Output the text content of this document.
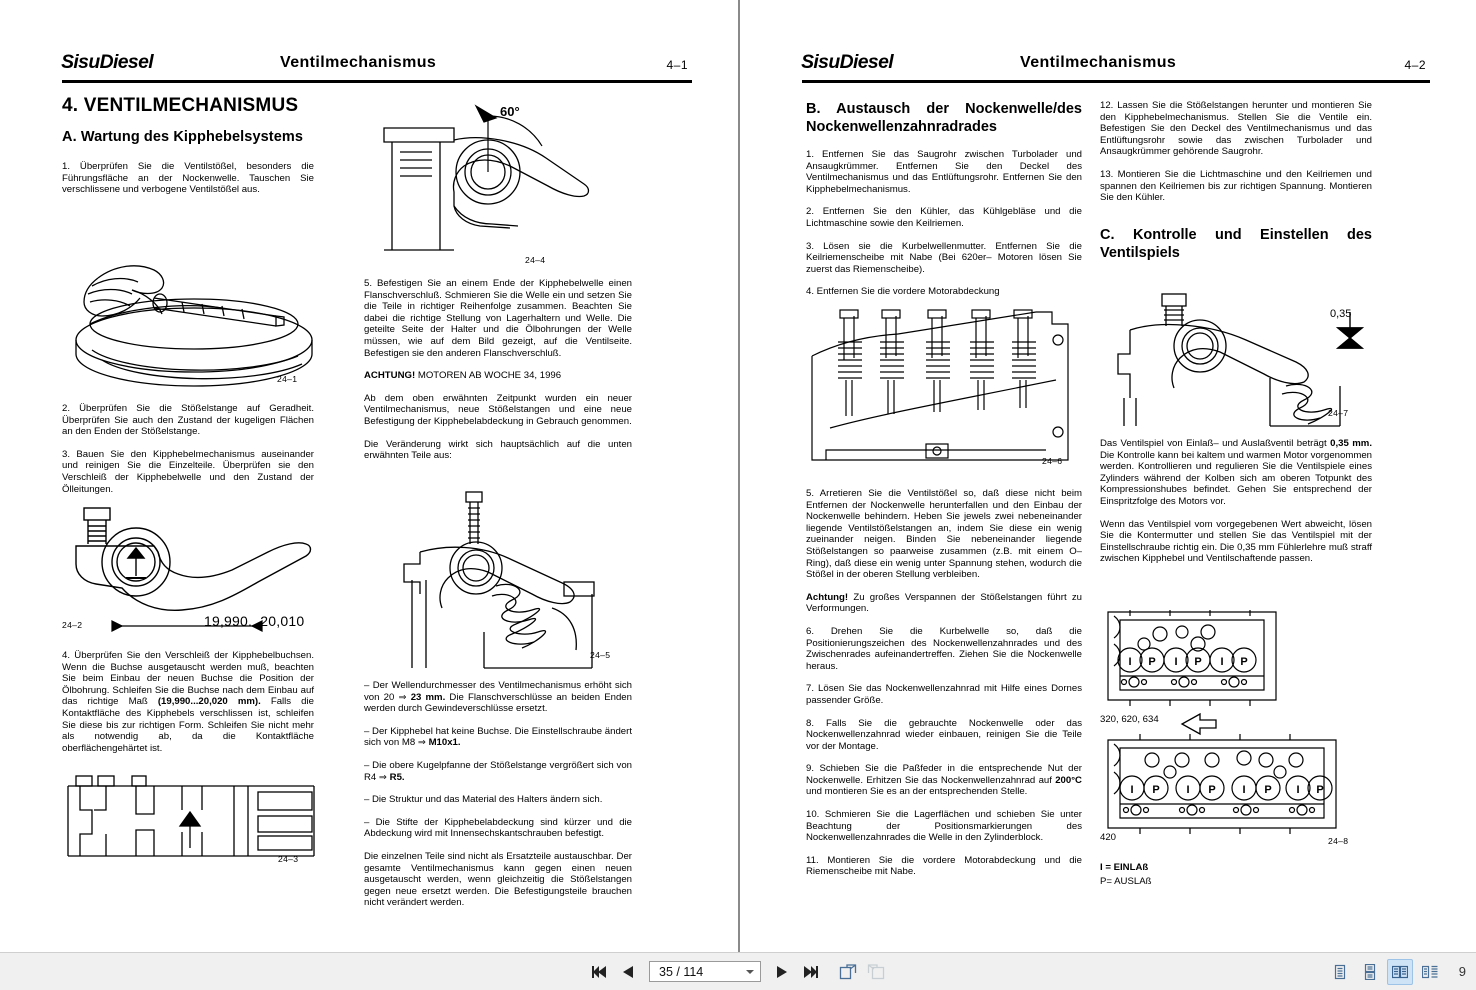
SisuDiesel	Ventilmechanismus	4–1
4. VENTILMECHANISMUS
A. Wartung des Kipphebelsystems

1. Überprüfen Sie die Ventilstößel, besonders die Führungsfläche an der Nockenwelle. Tauschen Sie verschlissene und verbogene Ventilstößel aus.

24–1

2. Überprüfen Sie die Stößelstange auf Geradheit. Überprüfen Sie auch den Zustand der kugeligen Flächen an den Enden der Stößelstange.

3. Bauen Sie den Kipphebelmechanismus auseinander und reinigen Sie die Einzelteile. Überprüfen sie den Verschleiß der Kipphebelwelle und den Zustand der Ölleitungen.

24–2	19,990...20,010

4. Überprüfen Sie den Verschleiß der Kipphebelbuchsen. Wenn die Buchse ausgetauscht werden muß, beachten Sie beim Einbau der neuen Buchse die Position der Ölbohrung. Schleifen Sie die Buchse nach dem Einbau auf das richtige Maß (19,990...20,020 mm). Falls die Kontaktfläche des Kipphebels verschlissen ist, schleifen Sie diese bis zur richtigen Form. Schleifen Sie nicht mehr als notwendig ab, da die Kontaktfläche oberflächengehärtet ist.

24–3
60°
24–4

5. Befestigen Sie an einem Ende der Kipphebelwelle einen Flanschverschluß. Schmieren Sie die Welle ein und setzen Sie die Teile in richtiger Reihenfolge zusammen. Beachten Sie dabei die richtige Stellung von Lagerhaltern und Welle. Die geteilte Seite der Halter und die Ölbohrungen der Welle müssen, wie auf dem Bild gezeigt, auf die Ventilseite. Befestigen sie den anderen Flanschverschluß.

ACHTUNG! MOTOREN AB WOCHE 34, 1996

Ab dem oben erwähnten Zeitpunkt wurden ein neuer Ventilmechanismus, neue Stößelstangen und eine neue Befestigung der Kipphebelabdeckung in Gebrauch genommen.

Die Veränderung wirkt sich hauptsächlich auf die unten erwähnten Teile aus:

24–5

– Der Wellendurchmesser des Ventilmechanismus erhöht sich von 20 ⇒ 23 mm. Die Flanschverschlüsse an beiden Enden werden durch Gewindeverschlüsse ersetzt.

– Der Kipphebel hat keine Buchse. Die Einstellschraube ändert sich von M8 ⇒ M10x1.

– Die obere Kugelpfanne der Stößelstange vergrößert sich von R4 ⇒ R5.

– Die Struktur und das Material des Halters ändern sich.

– Die Stifte der Kipphebelabdeckung sind kürzer und die Abdeckung wird mit Innensechskantschrauben befestigt.

Die einzelnen Teile sind nicht als Ersatzteile austauschbar. Der gesamte Ventilmechanismus kann gegen einen neuen ausgetauscht werden, wenn gleichzeitig die Stößelstangen gegen neue ersetzt werden. Die Befestigungsteile brauchen nicht verändert werden.

SisuDiesel	Ventilmechanismus	4–2
B. Austausch der Nockenwelle/des Nockenwellenzahnradrades

1. Entfernen Sie das Saugrohr zwischen Turbolader und Ansaugkrümmer. Entfernen Sie den Deckel des Ventilmechanismus und das Entlüftungsrohr. Entfernen Sie den Kipphebelmechanismus.

2. Entfernen Sie den Kühler, das Kühlgebläse und die Lichtmaschine sowie den Keilriemen.

3. Lösen sie die Kurbelwellenmutter. Entfernen Sie die Keilriemenscheibe mit Nabe (Bei 620er– Motoren lösen Sie zuerst das Riemenscheibe).

4. Entfernen Sie die vordere Motorabdeckung

24–6

5. Arretieren Sie die Ventilstößel so, daß diese nicht beim Entfernen der Nockenwelle herunterfallen und den Einbau der Nockenwelle behindern. Heben Sie jewels zwei nebeneinander liegende Ventilstößelstangen an, indem Sie diese ein wenig zueinander neigen. Binden Sie nebeneinander liegende Stößelstangen so paarweise zusammen (z.B. mit einem O–Ring), daß diese ein wenig unter Spannung stehen, wodurch die Stößel in der oberen Stellung verbleiben.

Achtung! Zu großes Verspannen der Stößelstangen führt zu Verformungen.

6. Drehen Sie die Kurbelwelle so, daß die Positionierungszeichen des Nockenwellenzahnrades und des Zwischenrades aufeinandertreffen. Ziehen Sie die Nockenwelle heraus.

7. Lösen Sie das Nockenwellenzahnrad mit Hilfe eines Dornes passender Größe.

8. Falls Sie die gebrauchte Nockenwelle oder das Nockenwellenzahnrad wieder einbauen, reinigen Sie die Teile vor der Montage.

9. Schieben Sie die Paßfeder in die entsprechende Nut der Nockenwelle. Erhitzen Sie das Nockenwellenzahnrad auf 200°C und montieren Sie es an der entsprechenden Stelle.

10. Schmieren Sie die Lagerflächen und schieben Sie unter Beachtung der Positionsmarkierungen des Nockenwellenzahnrades die Welle in den Zylinderblock.

11. Montieren Sie die vordere Motorabdeckung und die Riemenscheibe mit Nabe.

12. Lassen Sie die Stößelstangen herunter und montieren Sie den Kipphebelmechanismus. Stellen Sie die Ventile ein. Befestigen Sie den Deckel des Ventilmechanismus und das Entlüftungsrohr sowie das zwischen Turbolader und Ansaugkrümmer gehörende Saugrohr.

13. Montieren Sie die Lichtmaschine und den Keilriemen und spannen den Keilriemen bis zur richtigen Spannung. Montieren Sie den Kühler.

C. Kontrolle und Einstellen des Ventilspiels
0,35
24–7

Das Ventilspiel von Einlaß– und Auslaßventil beträgt 0,35 mm. Die Kontrolle kann bei kaltem und warmen Motor vorgenommen werden. Kontrollieren und regulieren Sie die Ventilspiele eines Zylinders während der Kolben sich am oberen Totpunkt des Kompressionshubes befindet. Gehen Sie entsprechend der Einspritzfolge des Motors vor.

Wenn das Ventilspiel vom vorgegebenen Wert abweicht, lösen Sie die Kontermutter und stellen Sie das Ventilspiel mit der Einstellschraube richtig ein. Die 0,35 mm Fühlerlehre muß straff zwischen Kipphebel und Ventilschaftende passen.

I P I P I P
I P I P I P I P
320, 620, 634
420	24–8

I = EINLAß

P= AUSLAß

35 / 114
9
